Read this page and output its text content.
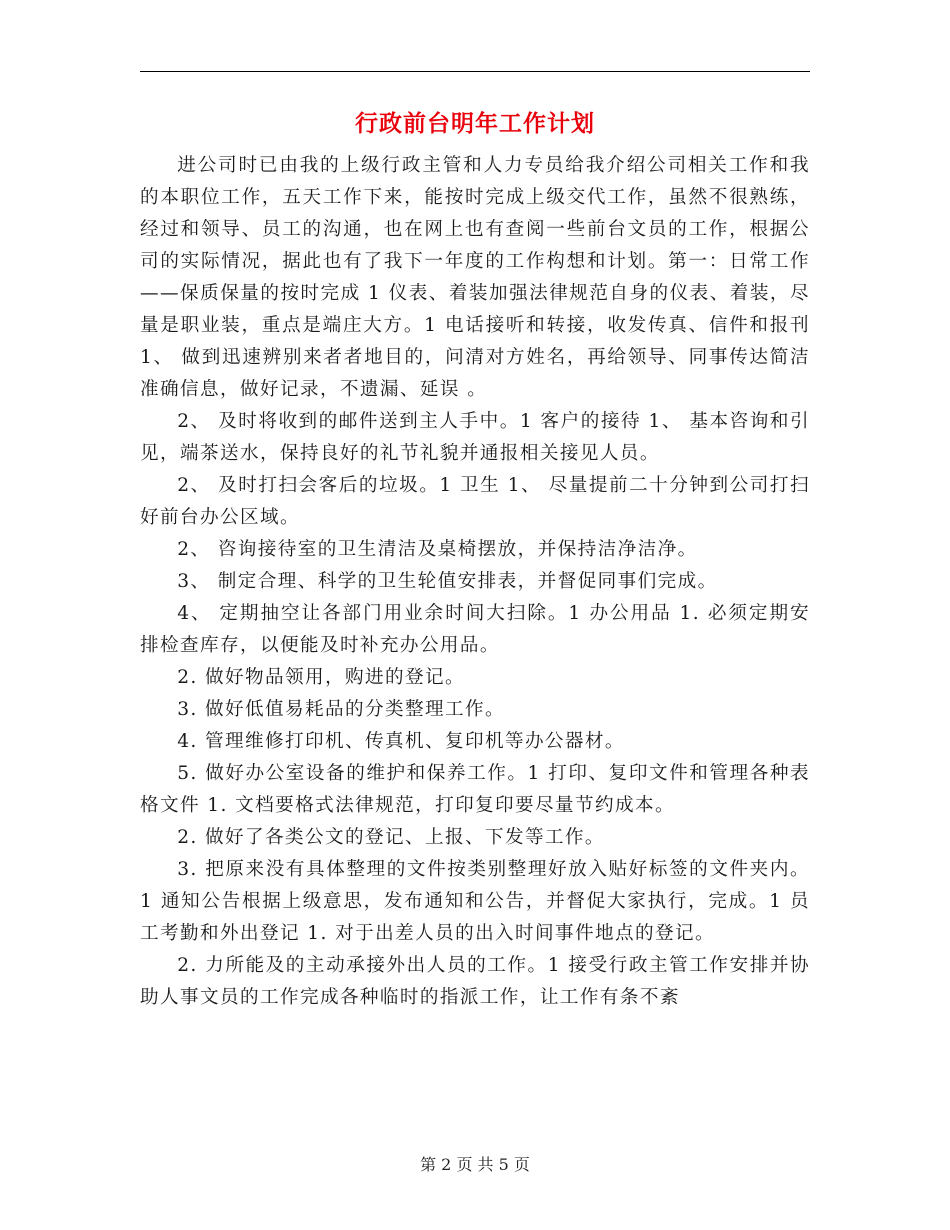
行政前台明年工作计划

进公司时已由我的上级行政主管和人力专员给我介绍公司相关工作和我的本职位工作，五天工作下来，能按时完成上级交代工作，虽然不很熟练，经过和领导、员工的沟通，也在网上也有查阅一些前台文员的工作，根据公司的实际情况，据此也有了我下一年度的工作构想和计划。第一：日常工作——保质保量的按时完成 1 仪表、着装加强法律规范自身的仪表、着装，尽量是职业装，重点是端庄大方。1 电话接听和转接，收发传真、信件和报刊 1、 做到迅速辨别来者者地目的，问清对方姓名，再给领导、同事传达简洁准确信息，做好记录，不遗漏、延误 。

2、 及时将收到的邮件送到主人手中。1 客户的接待 1、 基本咨询和引见，端茶送水，保持良好的礼节礼貌并通报相关接见人员。

2、 及时打扫会客后的垃圾。1 卫生 1、 尽量提前二十分钟到公司打扫好前台办公区域。

2、 咨询接待室的卫生清洁及桌椅摆放，并保持洁净洁净。

3、 制定合理、科学的卫生轮值安排表，并督促同事们完成。

4、 定期抽空让各部门用业余时间大扫除。1 办公用品 1. 必须定期安排检查库存，以便能及时补充办公用品。

2. 做好物品领用，购进的登记。

3. 做好低值易耗品的分类整理工作。

4. 管理维修打印机、传真机、复印机等办公器材。

5. 做好办公室设备的维护和保养工作。1 打印、复印文件和管理各种表格文件 1. 文档要格式法律规范，打印复印要尽量节约成本。

2. 做好了各类公文的登记、上报、下发等工作。

3. 把原来没有具体整理的文件按类别整理好放入贴好标签的文件夹内。1 通知公告根据上级意思，发布通知和公告，并督促大家执行，完成。1 员工考勤和外出登记 1. 对于出差人员的出入时间事件地点的登记。

2. 力所能及的主动承接外出人员的工作。1 接受行政主管工作安排并协助人事文员的工作完成各种临时的指派工作，让工作有条不紊

第 2 页 共 5 页
